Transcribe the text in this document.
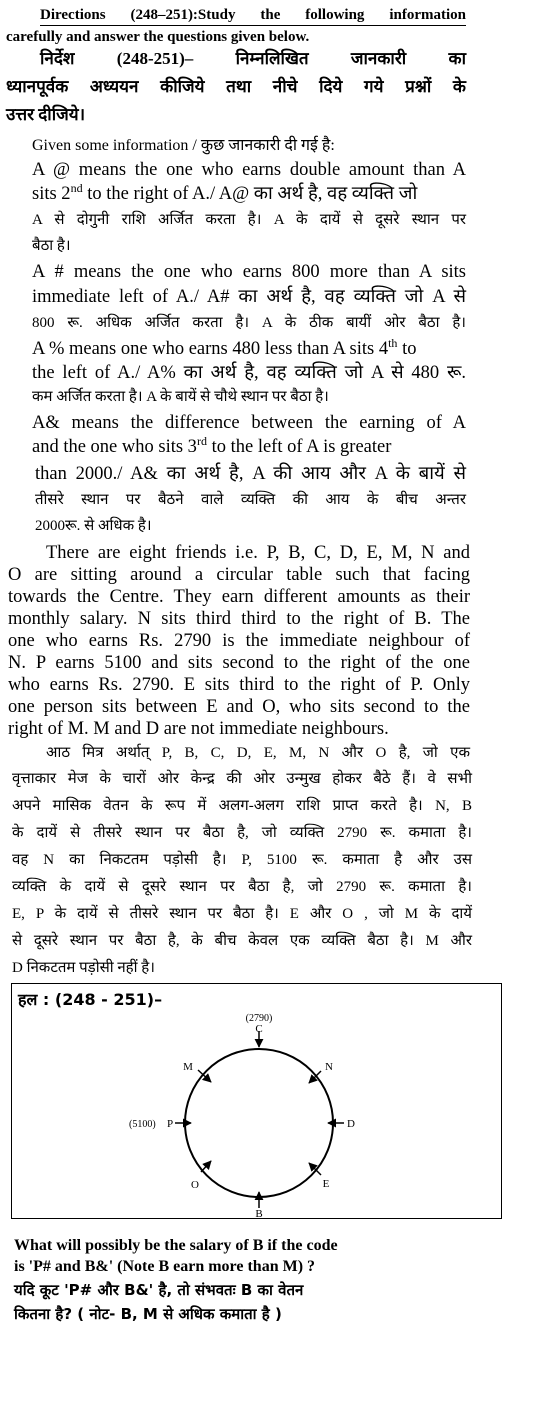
Directions (248–251):Study the following information
carefully and answer the questions given below.
निर्देश (248-251)– निम्नलिखित जानकारी का
ध्यानपूर्वक अध्ययन कीजिये तथा नीचे दिये गये प्रश्नों के
उत्तर दीजिये।
Given some information / कुछ जानकारी दी गई है:
A @ means the one who earns double amount than A
sits 2nd to the right of A./ A@ का अर्थ है, वह व्यक्ति जो
A से दोगुनी राशि अर्जित करता है। A के दायें से दूसरे स्थान पर
बैठा है।
A # means the one who earns 800 more than A sits
immediate left of A./ A# का अर्थ है, वह व्यक्ति जो A से
800 रू. अधिक अर्जित करता है। A के ठीक बायीं ओर बैठा है।
A % means one who earns 480 less than A sits 4th to
the left of A./ A% का अर्थ है, वह व्यक्ति जो A से 480 रू.
कम अर्जित करता है। A के बायें से चौथे स्थान पर बैठा है।
A& means the difference between the earning of A
and the one who sits 3rd to the left of A is greater
than 2000./ A& का अर्थ है, A की आय और A के बायें से
तीसरे स्थान पर बैठने वाले व्यक्ति की आय के बीच अन्तर
2000रू. से अधिक है।
There are eight friends i.e. P, B, C, D, E, M, N and
O are sitting around a circular table such that facing
towards the Centre. They earn different amounts as their
monthly salary. N sits third third to the right of B. The
one who earns Rs. 2790 is the immediate neighbour of
N. P earns 5100 and sits second to the right of the one
who earns Rs. 2790. E sits third to the right of P. Only
one person sits between E and O, who sits second to the
right of M. M and D are not immediate neighbours.
आठ मित्र अर्थात् P, B, C, D, E, M, N और O है, जो एक
वृत्ताकार मेज के चारों ओर केन्द्र की ओर उन्मुख होकर बैठे हैं। वे सभी
अपने मासिक वेतन के रूप में अलग-अलग राशि प्राप्त करते है। N, B
के दायें से तीसरे स्थान पर बैठा है, जो व्यक्ति 2790 रू. कमाता है।
वह N का निकटतम पड़ोसी है। P, 5100 रू. कमाता है और उस
व्यक्ति के दायें से दूसरे स्थान पर बैठा है, जो 2790 रू. कमाता है।
E, P के दायें से तीसरे स्थान पर बैठा है। E और O , जो M के दायें
से दूसरे स्थान पर बैठा है, के बीच केवल एक व्यक्ति बैठा है। M और
D निकटतम पड़ोसी नहीं है।
हल : (248 - 251)–
(2790)
C
N
D
E
B
O
(5100) P
M
What will possibly be the salary of B if the code
is 'P# and B&' (Note B earn more than M) ?
यदि कूट 'P# और B&' है, तो संभवतः B का वेतन
कितना है? ( नोट- B, M से अधिक कमाता है )
